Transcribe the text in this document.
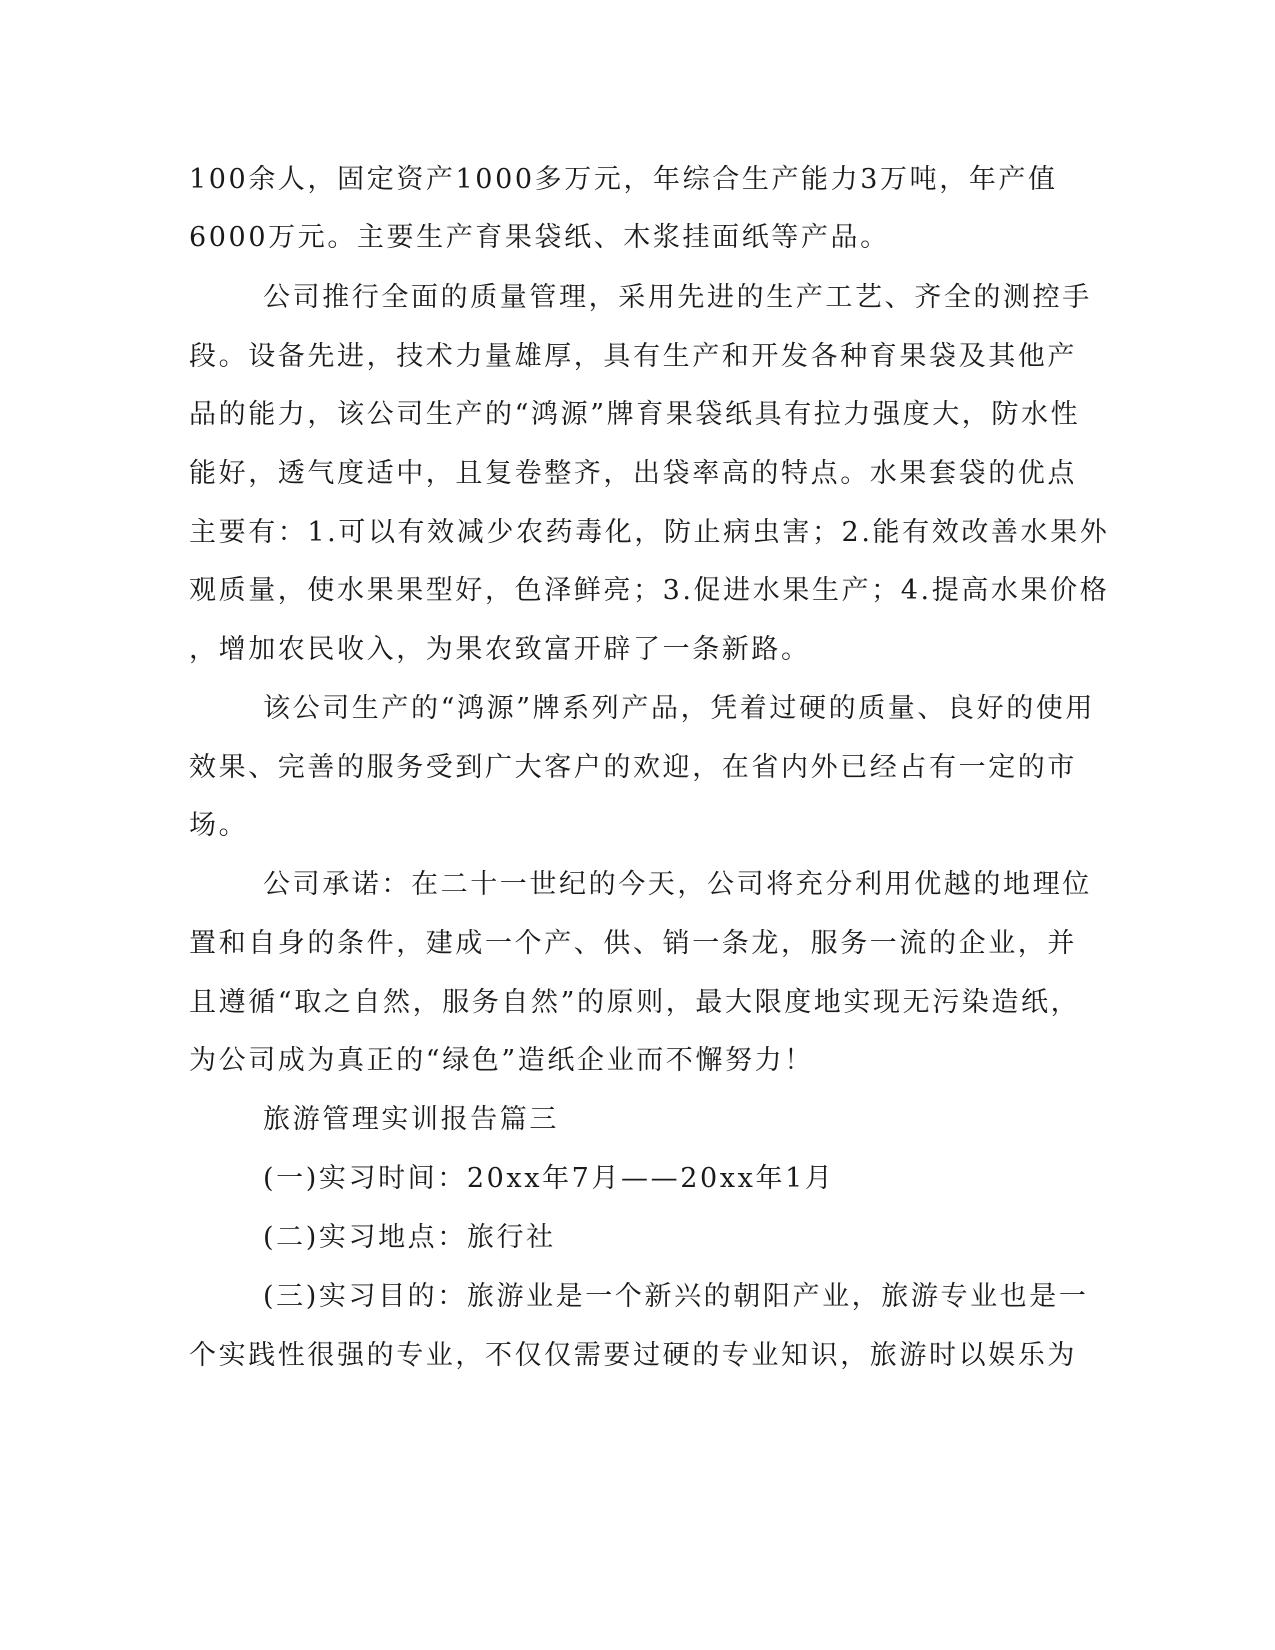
100余人，固定资产1000多万元，年综合生产能力3万吨，年产值
6000万元。主要生产育果袋纸、木浆挂面纸等产品。
公司推行全面的质量管理，采用先进的生产工艺、齐全的测控手
段。设备先进，技术力量雄厚，具有生产和开发各种育果袋及其他产
品的能力，该公司生产的“鸿源”牌育果袋纸具有拉力强度大，防水性
能好，透气度适中，且复卷整齐，出袋率高的特点。水果套袋的优点
主要有：1.可以有效减少农药毒化，防止病虫害；2.能有效改善水果外
观质量，使水果果型好，色泽鲜亮；3.促进水果生产；4.提高水果价格
，增加农民收入，为果农致富开辟了一条新路。
该公司生产的“鸿源”牌系列产品，凭着过硬的质量、良好的使用
效果、完善的服务受到广大客户的欢迎，在省内外已经占有一定的市
场。
公司承诺：在二十一世纪的今天，公司将充分利用优越的地理位
置和自身的条件，建成一个产、供、销一条龙，服务一流的企业，并
且遵循“取之自然，服务自然”的原则，最大限度地实现无污染造纸，
为公司成为真正的“绿色”造纸企业而不懈努力！
旅游管理实训报告篇三
(一)实习时间：20xx年7月——20xx年1月
(二)实习地点：旅行社
(三)实习目的：旅游业是一个新兴的朝阳产业，旅游专业也是一
个实践性很强的专业，不仅仅需要过硬的专业知识，旅游时以娱乐为
